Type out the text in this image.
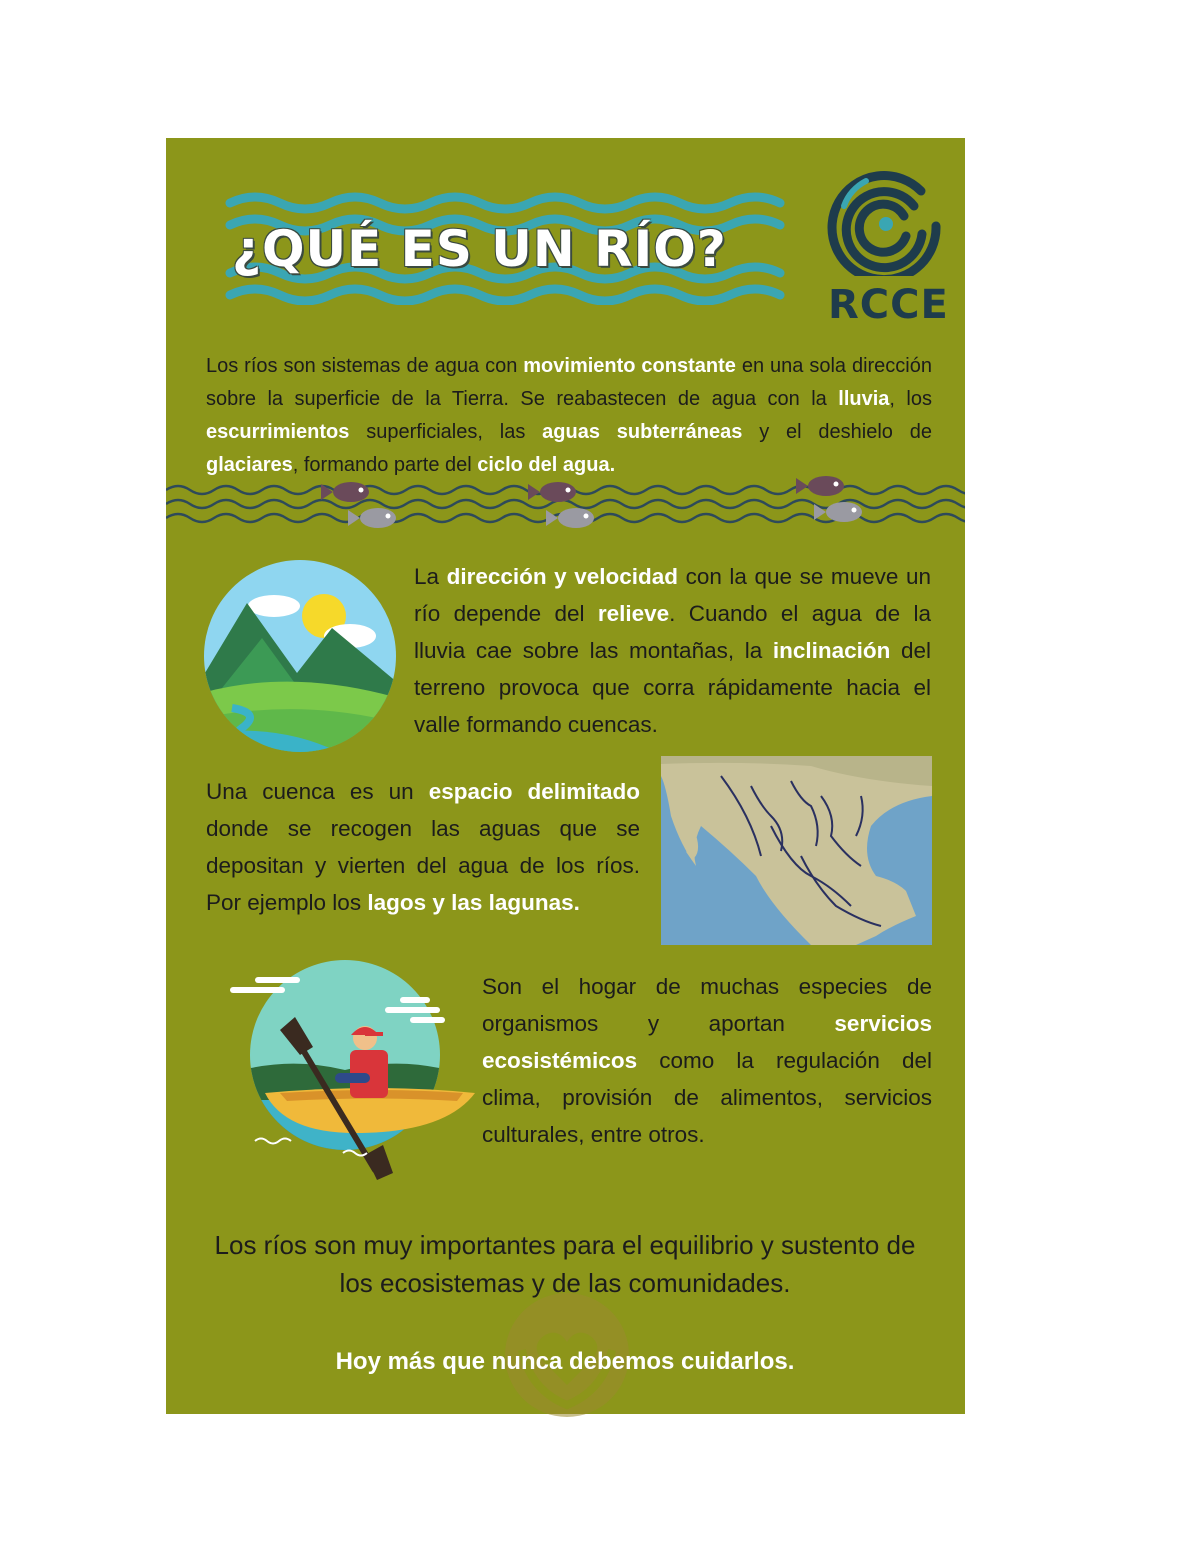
¿QUÉ ES UN RÍO?
RCCE
Los ríos son sistemas de agua con movimiento constante en una sola dirección sobre la superficie de la Tierra. Se reabastecen de agua con la lluvia, los escurrimientos superficiales, las aguas subterráneas y el deshielo de glaciares, formando parte del ciclo del agua.
La dirección y velocidad con la que se mueve un río depende del relieve. Cuando el agua de la lluvia cae sobre las montañas, la inclinación del terreno provoca que corra rápidamente hacia el valle formando cuencas.
Una cuenca es un espacio delimitado donde se recogen las aguas que se depositan y vierten del agua de los ríos. Por ejemplo los lagos y las lagunas.
Son el hogar de muchas especies de organismos y aportan servicios ecosistémicos como la regulación del clima, provisión de alimentos, servicios culturales, entre otros.
Los ríos son muy importantes para el equilibrio y sustento de los ecosistemas y de las comunidades.
Hoy más que nunca debemos cuidarlos.
